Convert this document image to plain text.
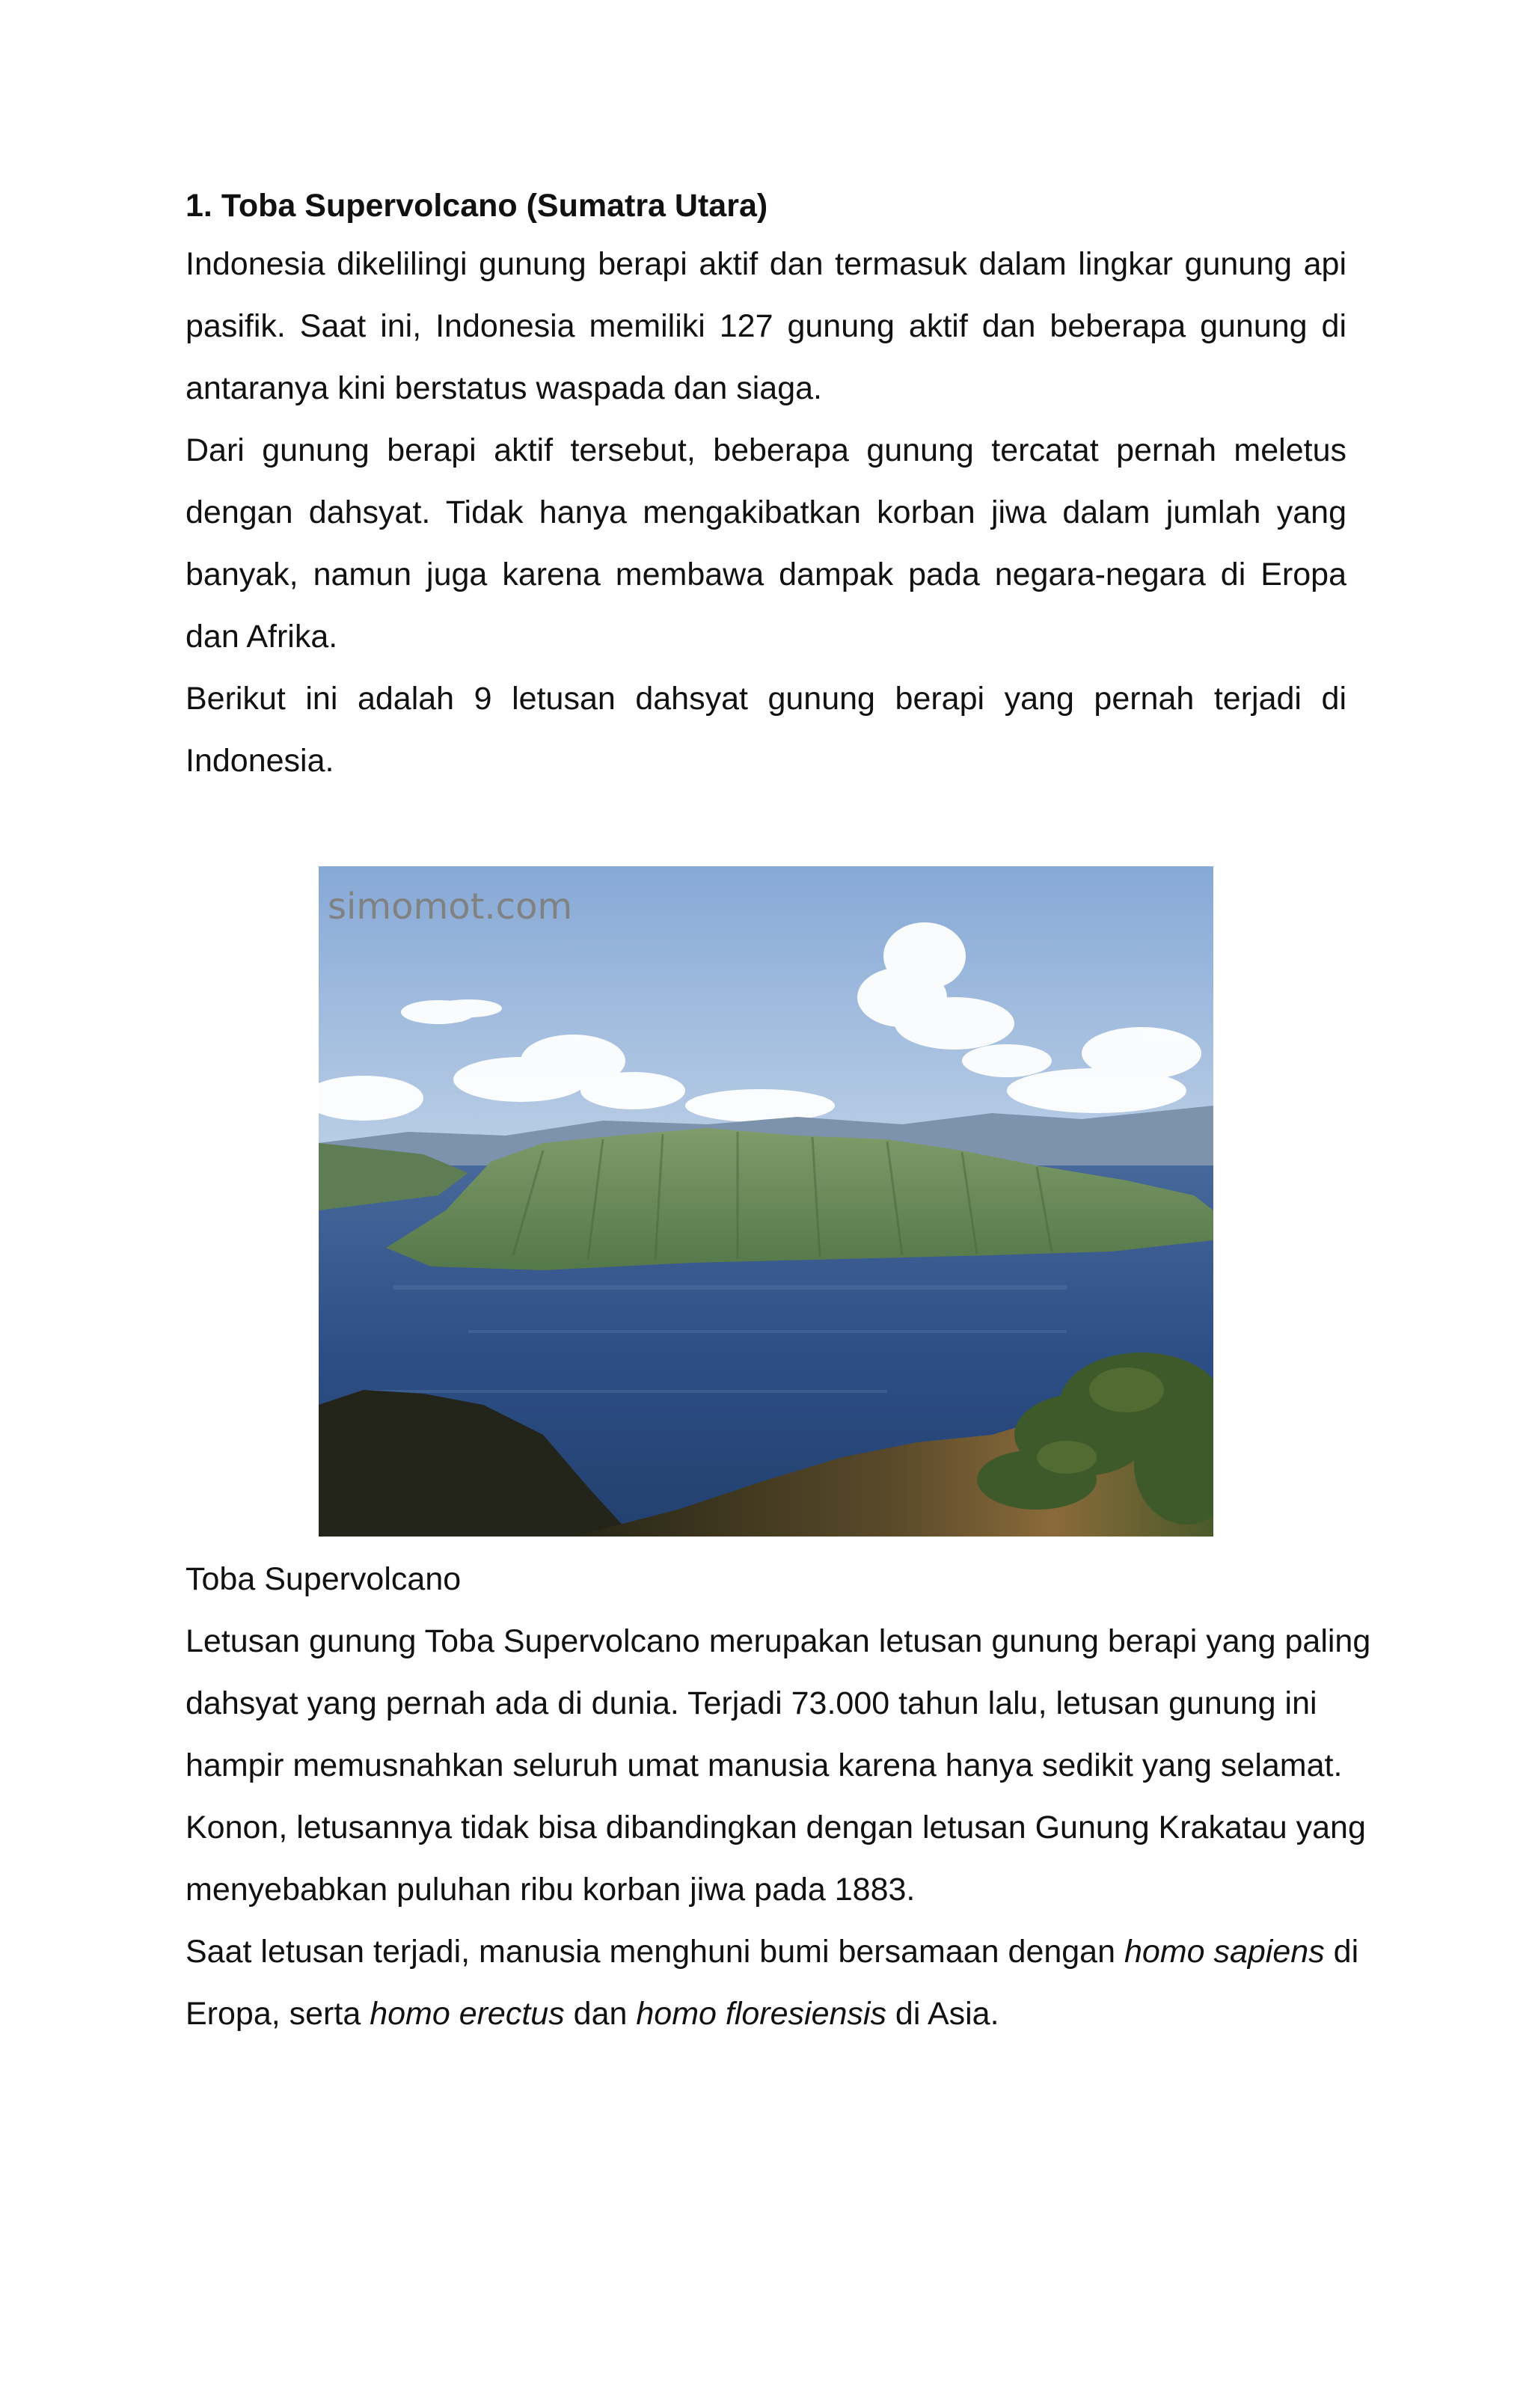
1. Toba Supervolcano (Sumatra Utara)

Indonesia dikelilingi gunung berapi aktif dan termasuk dalam lingkar gunung api pasifik. Saat ini, Indonesia memiliki 127 gunung aktif dan beberapa gunung di antaranya kini berstatus waspada dan siaga.

Dari gunung berapi aktif tersebut, beberapa gunung tercatat pernah meletus dengan dahsyat. Tidak hanya mengakibatkan korban jiwa dalam jumlah yang banyak, namun juga karena membawa dampak pada negara-negara di Eropa dan Afrika.

Berikut ini adalah 9 letusan dahsyat gunung berapi yang pernah terjadi di Indonesia.

simomot.com

Toba Supervolcano

Letusan gunung Toba Supervolcano merupakan letusan gunung berapi yang paling dahsyat yang pernah ada di dunia. Terjadi 73.000 tahun lalu, letusan gunung ini hampir memusnahkan seluruh umat manusia karena hanya sedikit yang selamat. Konon, letusannya tidak bisa dibandingkan dengan letusan Gunung Krakatau yang menyebabkan puluhan ribu korban jiwa pada 1883.

Saat letusan terjadi, manusia menghuni bumi bersamaan dengan homo sapiens di Eropa, serta homo erectus dan homo floresiensis di Asia.
